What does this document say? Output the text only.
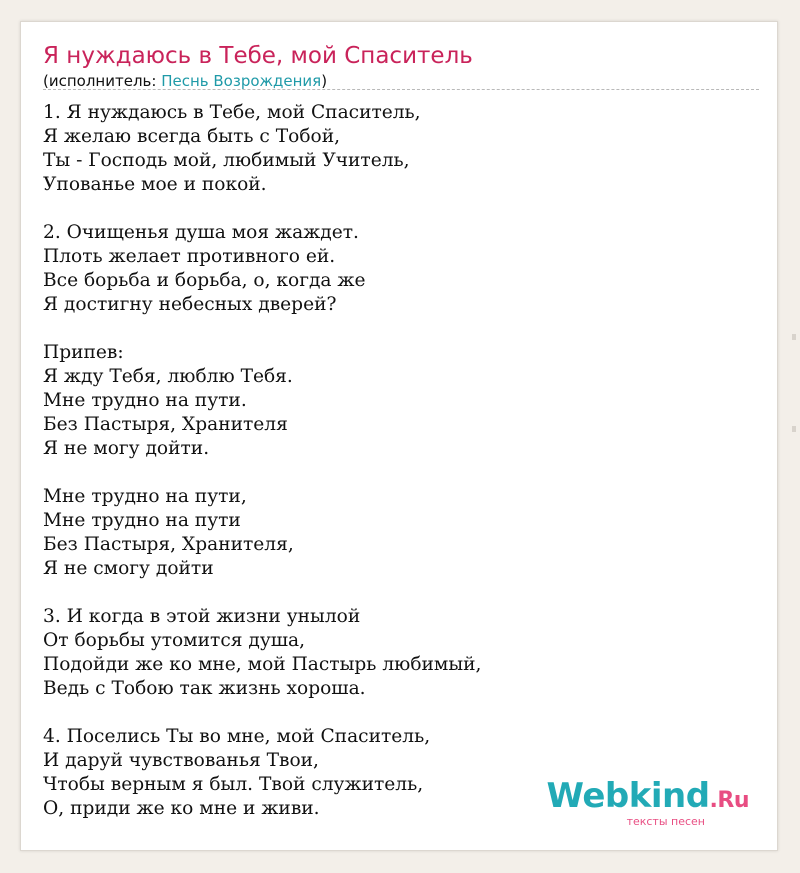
Я нуждаюсь в Тебе, мой Спаситель
(исполнитель: Песнь Возрождения)
1. Я нуждаюсь в Тебе, мой Спаситель,
Я желаю всегда быть с Тобой,
Ты - Господь мой, любимый Учитель,
Упованье мое и покой.

2. Очищенья душа моя жаждет.
Плоть желает противного ей.
Все борьба и борьба, о, когда же
Я достигну небесных дверей?

Припев:
Я жду Тебя, люблю Тебя.
Мне трудно на пути.
Без Пастыря, Хранителя
Я не могу дойти.

Мне трудно на пути,
Мне трудно на пути
Без Пастыря, Хранителя,
Я не смогу дойти

3. И когда в этой жизни унылой
От борьбы утомится душа,
Подойди же ко мне, мой Пастырь любимый,
Ведь с Тобою так жизнь хороша.

4. Поселись Ты во мне, мой Спаситель,
И даруй чувствованья Твои,
Чтобы верным я был. Твой служитель,
О, приди же ко мне и живи.	Webkind.Ru
тексты песен
